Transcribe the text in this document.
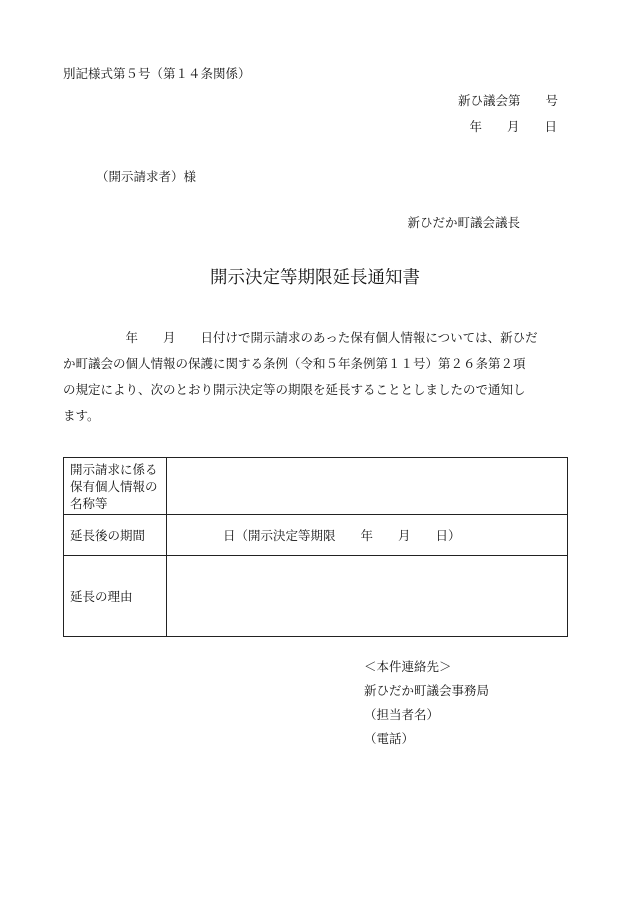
別記様式第５号（第１４条関係）
新ひ議会第　　号
年　　月　　日
（開示請求者）様
新ひだか町議会議長
開示決定等期限延長通知書
　　　　　年　　月　　日付けで開示請求のあった保有個人情報については、新ひだ
か町議会の個人情報の保護に関する条例（令和５年条例第１１号）第２６条第２項
の規定により、次のとおり開示決定等の期限を延長することとしましたので通知し
ます。
開示請求に係る保有個人情報の名称等	
延長後の期間	　　　　日（開示決定等期限　　年　　月　　日）
延長の理由	
＜本件連絡先＞
新ひだか町議会事務局
（担当者名）
（電話）
